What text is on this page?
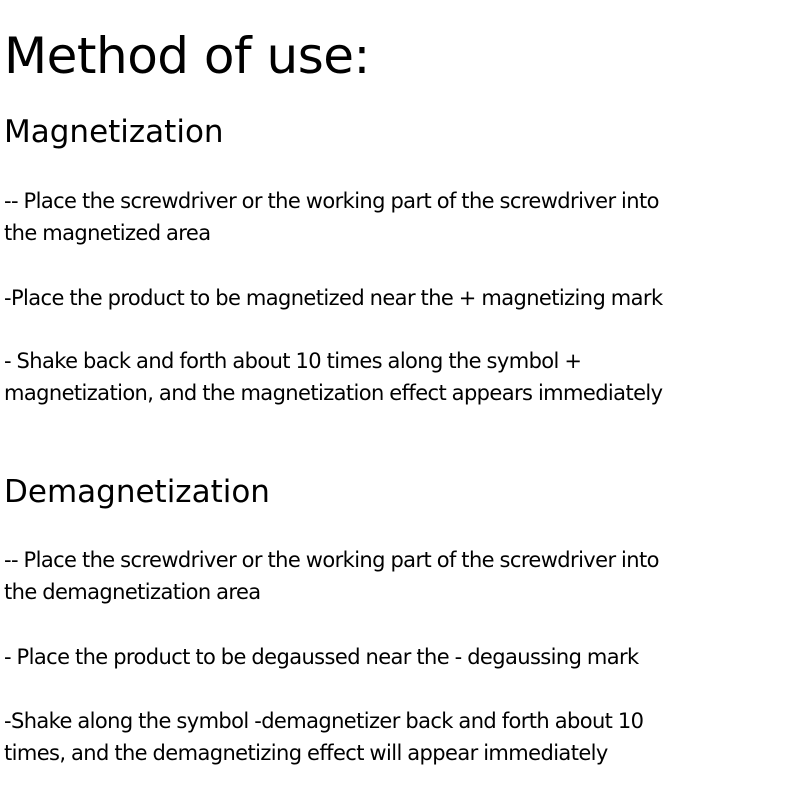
Method of use:
Magnetization

-- Place the screwdriver or the working part of the screwdriver into
the magnetized area

-Place the product to be magnetized near the + magnetizing mark

- Shake back and forth about 10 times along the symbol +
magnetization, and the magnetization effect appears immediately

Demagnetization

-- Place the screwdriver or the working part of the screwdriver into
the demagnetization area

- Place the product to be degaussed near the - degaussing mark

-Shake along the symbol -demagnetizer back and forth about 10
times, and the demagnetizing effect will appear immediately
